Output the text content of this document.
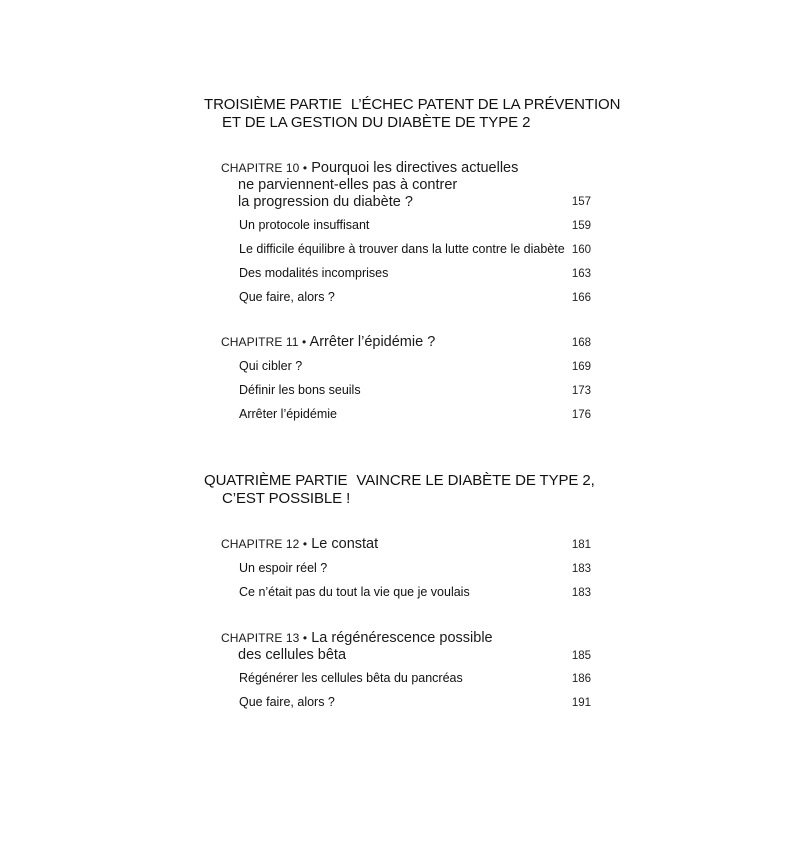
TROISIÈME PARTIE L’ÉCHEC PATENT DE LA PRÉVENTION
ET DE LA GESTION DU DIABÈTE DE TYPE 2
CHAPITRE 10 • Pourquoi les directives actuelles
ne parviennent-elles pas à contrer
la progression du diabète ?	157
Un protocole insuffisant	159
Le difficile équilibre à trouver dans la lutte contre le diabète 160
Des modalités incomprises	163
Que faire, alors ?	166
CHAPITRE 11 • Arrêter l’épidémie ?	168
Qui cibler ?	169
Définir les bons seuils	173
Arrêter l’épidémie	176
QUATRIÈME PARTIE VAINCRE LE DIABÈTE DE TYPE 2,
C’EST POSSIBLE !
CHAPITRE 12 • Le constat	181
Un espoir réel ?	183
Ce n’était pas du tout la vie que je voulais	183
CHAPITRE 13 • La régénérescence possible
des cellules bêta	185
Régénérer les cellules bêta du pancréas	186
Que faire, alors ?	191
